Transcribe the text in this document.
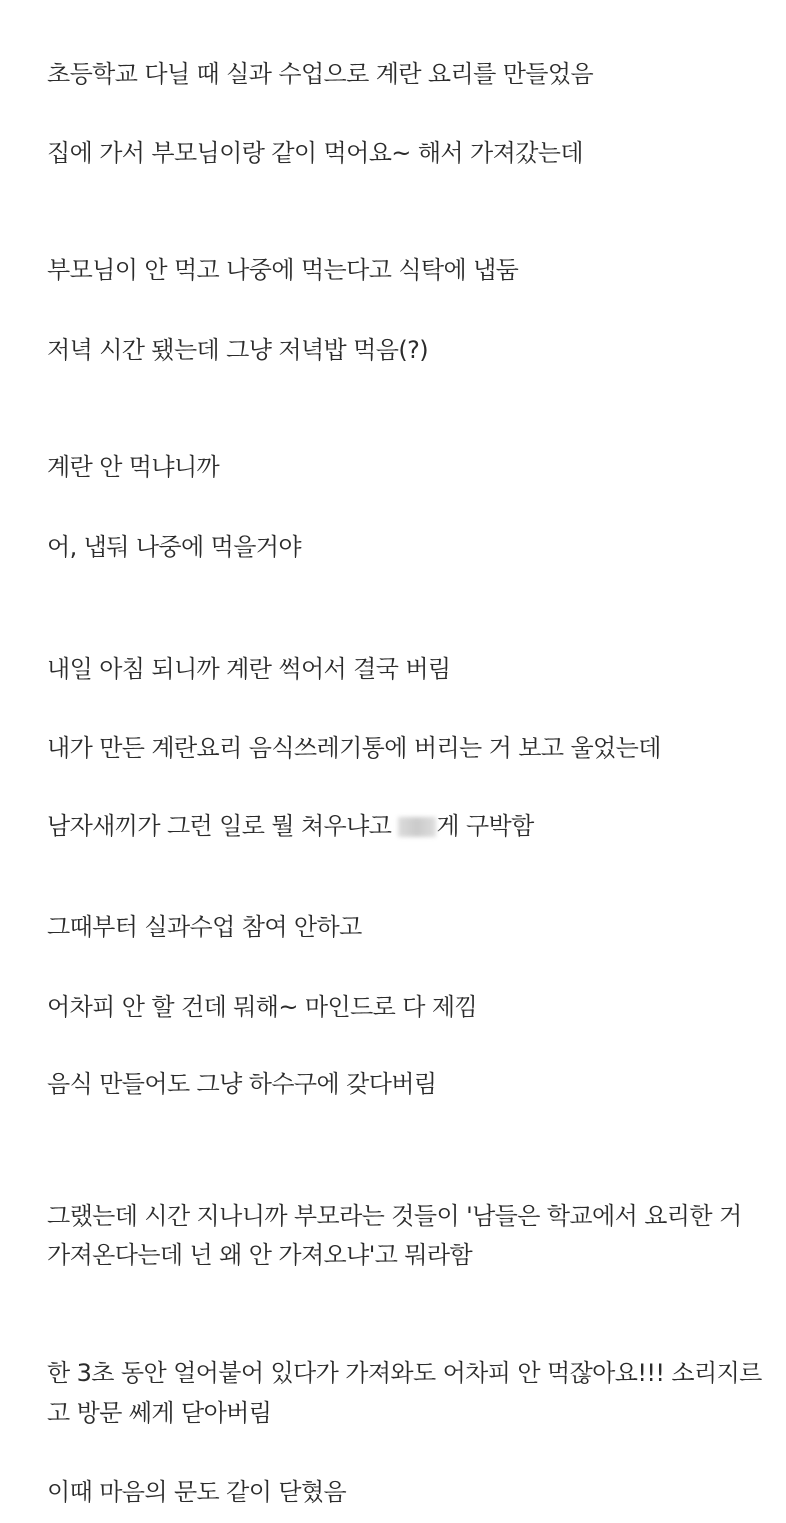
초등학교 다닐 때 실과 수업으로 계란 요리를 만들었음
집에 가서 부모님이랑 같이 먹어요~ 해서 가져갔는데
부모님이 안 먹고 나중에 먹는다고 식탁에 냅둠
저녁 시간 됐는데 그냥 저녁밥 먹음(?)
계란 안 먹냐니까
어, 냅둬 나중에 먹을거야
내일 아침 되니까 계란 썩어서 결국 버림
내가 만든 계란요리 음식쓰레기통에 버리는 거 보고 울었는데
남자새끼가 그런 일로 뭘 쳐우냐고 게 구박함
그때부터 실과수업 참여 안하고
어차피 안 할 건데 뭐해~ 마인드로 다 제낌
음식 만들어도 그냥 하수구에 갖다버림
그랬는데 시간 지나니까 부모라는 것들이 '남들은 학교에서 요리한 거
가져온다는데 넌 왜 안 가져오냐'고 뭐라함
한 3초 동안 얼어붙어 있다가 가져와도 어차피 안 먹잖아요!!! 소리지르
고 방문 쎄게 닫아버림
이때 마음의 문도 같이 닫혔음
